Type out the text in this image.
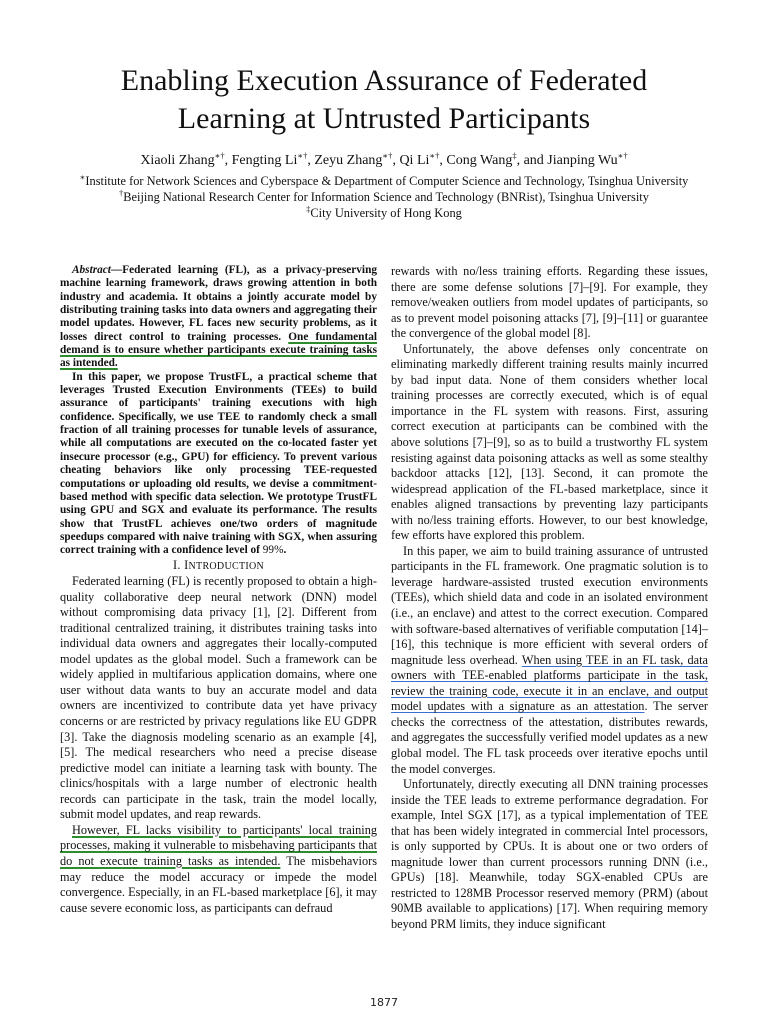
Enabling Execution Assurance of Federated
Learning at Untrusted Participants
Xiaoli Zhang∗†, Fengting Li∗†, Zeyu Zhang∗†, Qi Li∗†, Cong Wang‡, and Jianping Wu∗†
∗Institute for Network Sciences and Cyberspace & Department of Computer Science and Technology, Tsinghua University
†Beijing National Research Center for Information Science and Technology (BNRist), Tsinghua University
‡City University of Hong Kong

Abstract—Federated learning (FL), as a privacy-preserving machine learning framework, draws growing attention in both industry and academia. It obtains a jointly accurate model by distributing training tasks into data owners and aggregating their model updates. However, FL faces new security problems, as it losses direct control to training processes. One fundamental demand is to ensure whether participants execute training tasks as intended.

In this paper, we propose TrustFL, a practical scheme that leverages Trusted Execution Environments (TEEs) to build assurance of participants' training executions with high confidence. Specifically, we use TEE to randomly check a small fraction of all training processes for tunable levels of assurance, while all computations are executed on the co-located faster yet insecure processor (e.g., GPU) for efficiency. To prevent various cheating behaviors like only processing TEE-requested computations or uploading old results, we devise a commitment-based method with specific data selection. We prototype TrustFL using GPU and SGX and evaluate its performance. The results show that TrustFL achieves one/two orders of magnitude speedups compared with naive training with SGX, when assuring correct training with a confidence level of 99%.

I. INTRODUCTION

Federated learning (FL) is recently proposed to obtain a high-quality collaborative deep neural network (DNN) model without compromising data privacy [1], [2]. Different from traditional centralized training, it distributes training tasks into individual data owners and aggregates their locally-computed model updates as the global model. Such a framework can be widely applied in multifarious application domains, where one user without data wants to buy an accurate model and data owners are incentivized to contribute data yet have privacy concerns or are restricted by privacy regulations like EU GDPR [3]. Take the diagnosis modeling scenario as an example [4], [5]. The medical researchers who need a precise disease predictive model can initiate a learning task with bounty. The clinics/hospitals with a large number of electronic health records can participate in the task, train the model locally, submit model updates, and reap rewards.

However, FL lacks visibility to participants' local training processes, making it vulnerable to misbehaving participants that do not execute training tasks as intended. The misbehaviors may reduce the model accuracy or impede the model convergence. Especially, in an FL-based marketplace [6], it may cause severe economic loss, as participants can defraud

rewards with no/less training efforts. Regarding these issues, there are some defense solutions [7]–[9]. For example, they remove/weaken outliers from model updates of participants, so as to prevent model poisoning attacks [7], [9]–[11] or guarantee the convergence of the global model [8].

Unfortunately, the above defenses only concentrate on eliminating markedly different training results mainly incurred by bad input data. None of them considers whether local training processes are correctly executed, which is of equal importance in the FL system with reasons. First, assuring correct execution at participants can be combined with the above solutions [7]–[9], so as to build a trustworthy FL system resisting against data poisoning attacks as well as some stealthy backdoor attacks [12], [13]. Second, it can promote the widespread application of the FL-based marketplace, since it enables aligned transactions by preventing lazy participants with no/less training efforts. However, to our best knowledge, few efforts have explored this problem.

In this paper, we aim to build training assurance of untrusted participants in the FL framework. One pragmatic solution is to leverage hardware-assisted trusted execution environments (TEEs), which shield data and code in an isolated environment (i.e., an enclave) and attest to the correct execution. Compared with software-based alternatives of verifiable computation [14]–[16], this technique is more efficient with several orders of magnitude less overhead. When using TEE in an FL task, data owners with TEE-enabled platforms participate in the task, review the training code, execute it in an enclave, and output model updates with a signature as an attestation. The server checks the correctness of the attestation, distributes rewards, and aggregates the successfully verified model updates as a new global model. The FL task proceeds over iterative epochs until the model converges.

Unfortunately, directly executing all DNN training processes inside the TEE leads to extreme performance degradation. For example, Intel SGX [17], as a typical implementation of TEE that has been widely integrated in commercial Intel processors, is only supported by CPUs. It is about one or two orders of magnitude lower than current processors running DNN (i.e., GPUs) [18]. Meanwhile, today SGX-enabled CPUs are restricted to 128MB Processor reserved memory (PRM) (about 90MB available to applications) [17]. When requiring memory beyond PRM limits, they induce significant

1877
